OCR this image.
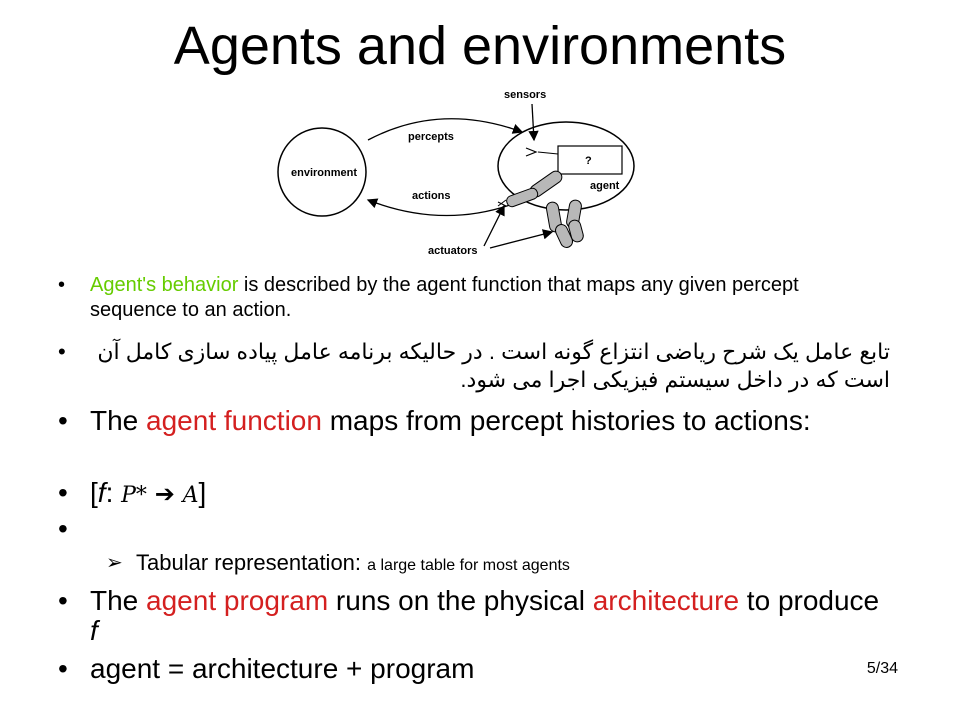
Agents and environments
environment
?
agent
percepts
actions
sensors
actuators
• Agent's behavior is described by the agent function that maps any given percept sequence to an action.
•	تابع عامل یک شرح ریاضی انتزاع گونه است . در حالیکه برنامه عامل پیاده سازی کامل آن است که در داخل سیستم فیزیکی اجرا می شود.
• The agent function maps from percept histories to actions:
• [f: P* ➔ A]
•
➢ Tabular representation: a large table for most agents
• The agent program runs on the physical architecture to produce f
• agent = architecture + program	5/34
